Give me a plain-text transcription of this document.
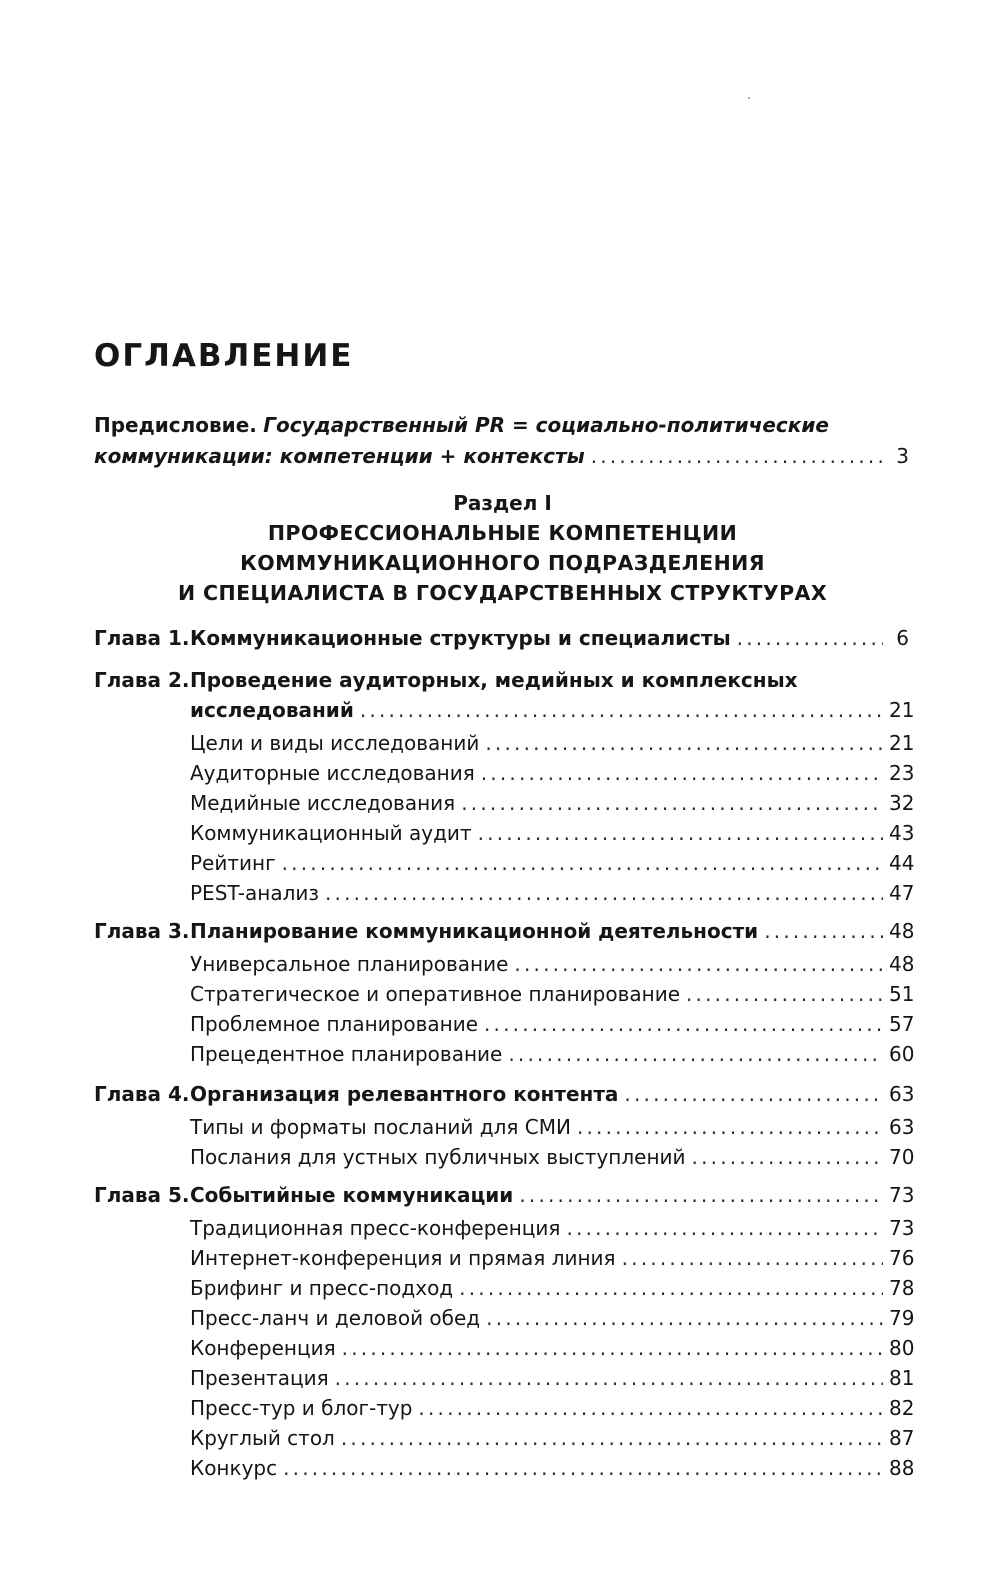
ОГЛАВЛЕНИЕ
Предисловие. Государственный PR = социально-политические
коммуникации: компетенции + контексты .....	3
Раздел I
ПРОФЕССИОНАЛЬНЫЕ КОМПЕТЕНЦИИ
КОММУНИКАЦИОННОГО ПОДРАЗДЕЛЕНИЯ
И СПЕЦИАЛИСТА В ГОСУДАРСТВЕННЫХ СТРУКТУРАХ
Глава 1. Коммуникационные структуры и специалисты .....	6
Глава 2. Проведение аудиторных, медийных и комплексных
исследований .....	21
Цели и виды исследований .....	21
Аудиторные исследования .....	23
Медийные исследования .....	32
Коммуникационный аудит .....	43
Рейтинг .....	44
PEST-анализ .....	47
Глава 3. Планирование коммуникационной деятельности .....	48
Универсальное планирование .....	48
Стратегическое и оперативное планирование .....	51
Проблемное планирование .....	57
Прецедентное планирование .....	60
Глава 4. Организация релевантного контента .....	63
Типы и форматы посланий для СМИ .....	63
Послания для устных публичных выступлений .....	70
Глава 5. Событийные коммуникации .....	73
Традиционная пресс-конференция .....	73
Интернет-конференция и прямая линия .....	76
Брифинг и пресс-подход .....	78
Пресс-ланч и деловой обед .....	79
Конференция .....	80
Презентация .....	81
Пресс-тур и блог-тур .....	82
Круглый стол .....	87
Конкурс .....	88
